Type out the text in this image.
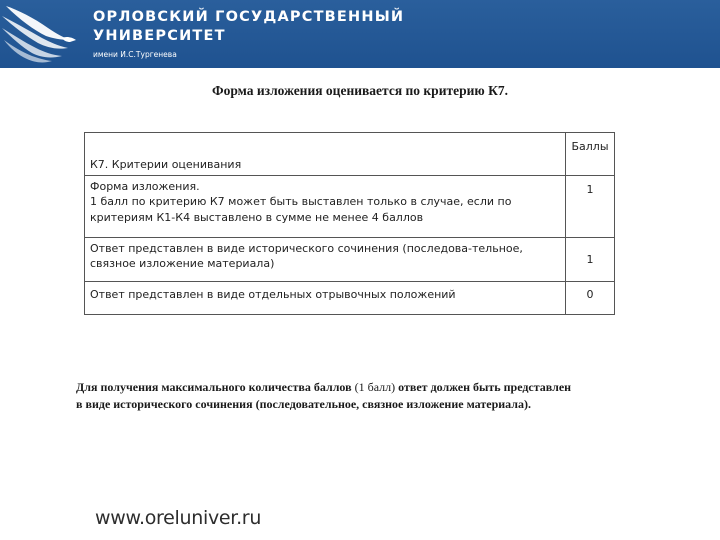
ОРЛОВСКИЙ ГОСУДАРСТВЕННЫЙ
УНИВЕРСИТЕТ
имени И.С.Тургенева
Форма изложения оценивается по критерию К7.
К7. Критерии оценивания	Баллы

Форма изложения.
1 балл по критерию К7 может быть выставлен только в случае, если по
критериям К1-К4 выставлено в сумме не менее 4 баллов	1

Ответ представлен в виде исторического сочинения (последова-тельное,
связное изложение материала)	1

Ответ представлен в виде отдельных отрывочных положений	0
Для получения максимального количества баллов (1 балл) ответ должен быть представлен
в виде исторического сочинения (последовательное, связное изложение материала).
www.oreluniver.ru
